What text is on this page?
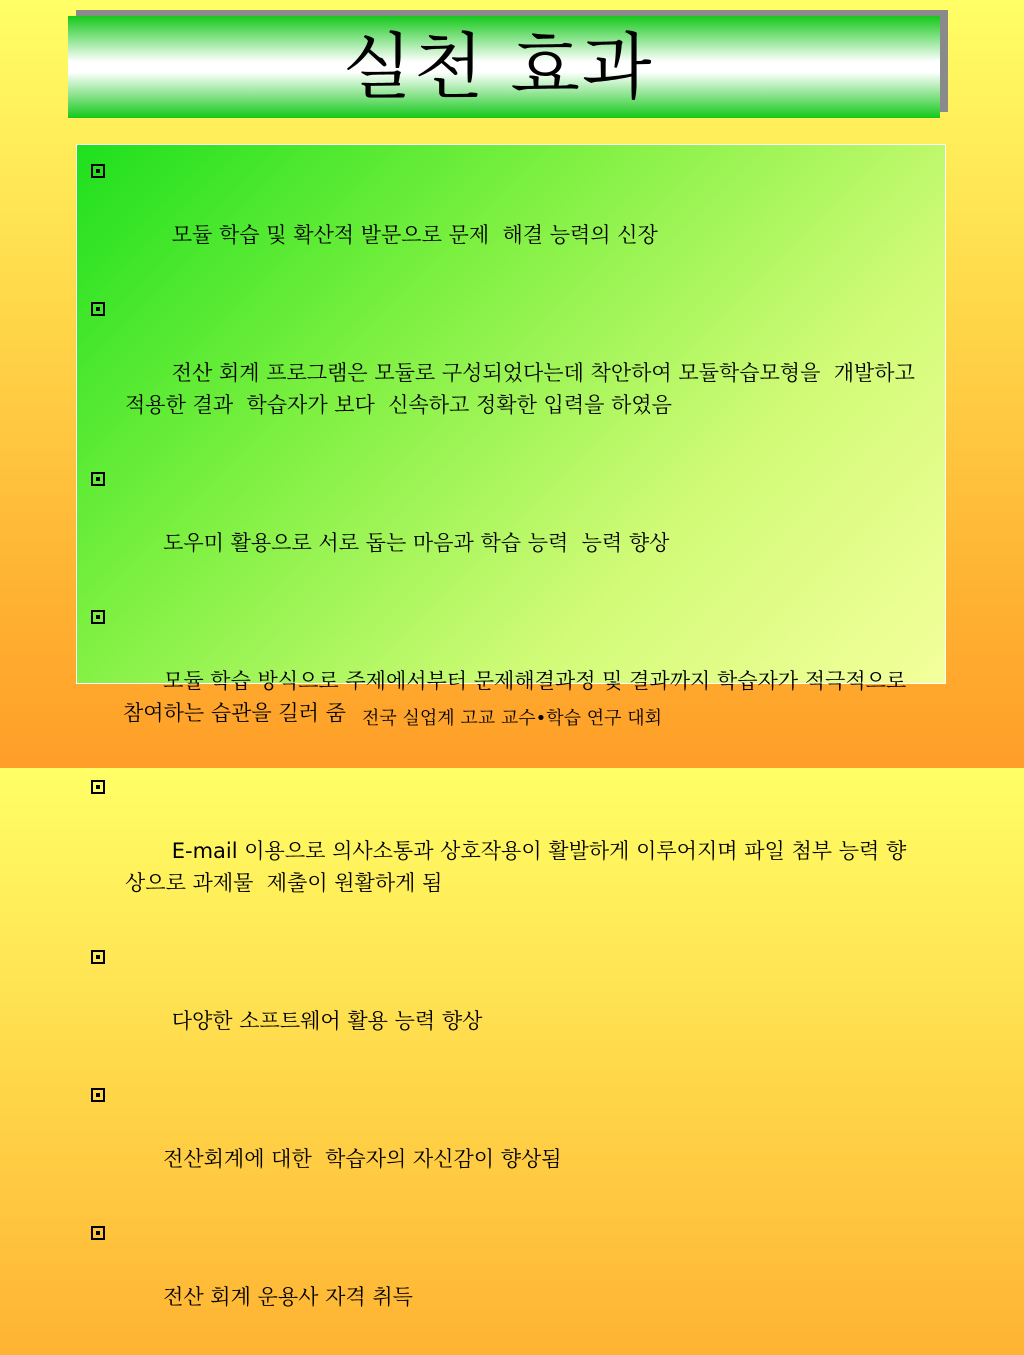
실천 효과

모듈 학습 및 확산적 발문으로 문제  해결 능력의 신장

전산 회계 프로그램은 모듈로 구성되었다는데 착안하여 모듈학습모형을  개발하고 적용한 결과  학습자가 보다  신속하고 정확한 입력을 하였음

도우미 활용으로 서로 돕는 마음과 학습 능력  능력 향상

모듈 학습 방식으로 주제에서부터 문제해결과정 및 결과까지 학습자가 적극적으로 참여하는 습관을 길러 줌

E-mail 이용으로 의사소통과 상호작용이 활발하게 이루어지며 파일 첨부 능력 향상으로 과제물  제출이 원활하게 됨

다양한 소프트웨어 활용 능력 향상

전산회계에 대한  학습자의 자신감이 향상됨

전산 회계 운용사 자격 취득

전국 실업계 고교 교수•학습 연구 대회
